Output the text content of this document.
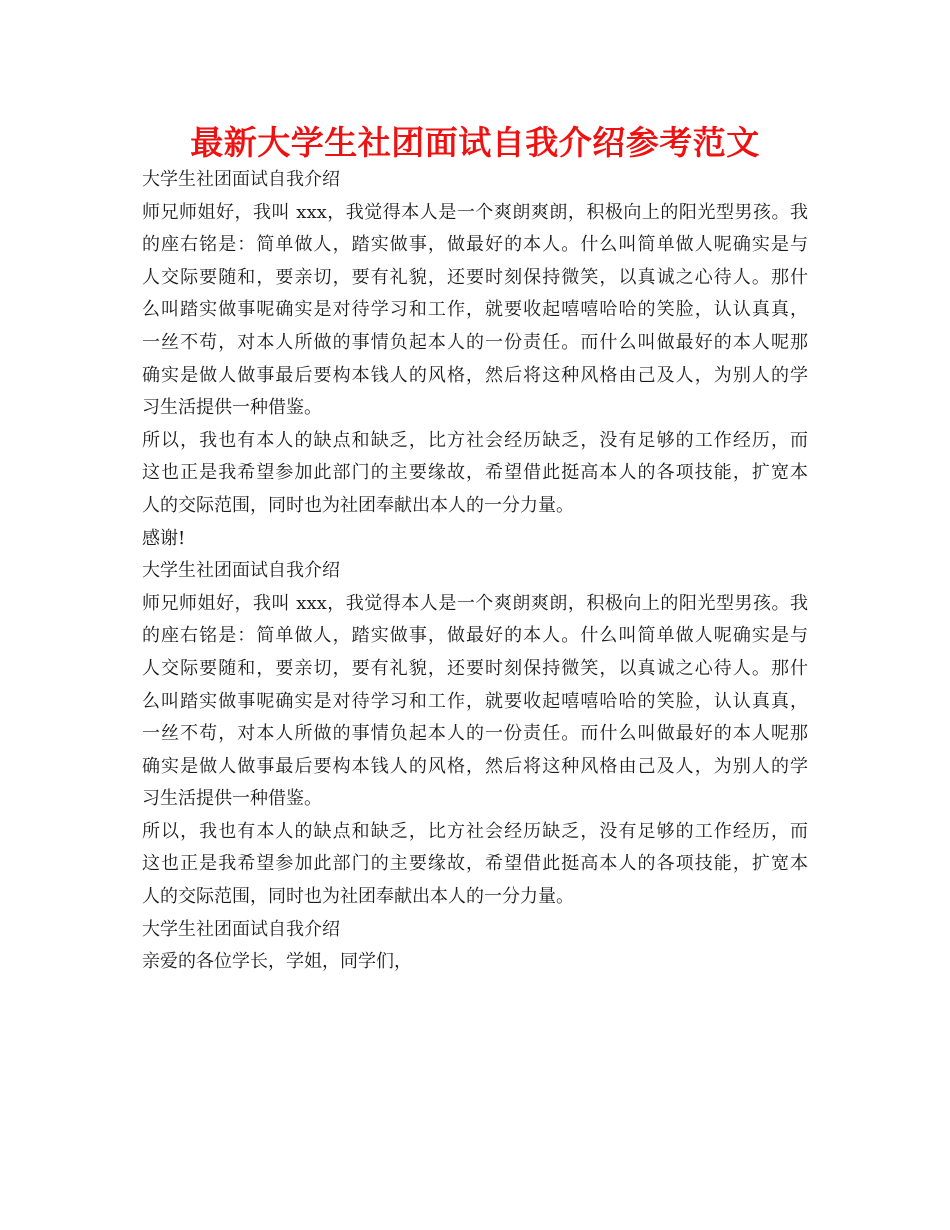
最新大学生社团面试自我介绍参考范文
大学生社团面试自我介绍
师兄师姐好，我叫 xxx，我觉得本人是一个爽朗爽朗，积极向上的阳光型男孩。我
的座右铭是：简单做人，踏实做事，做最好的本人。什么叫简单做人呢确实是与
人交际要随和，要亲切，要有礼貌，还要时刻保持微笑，以真诚之心待人。那什
么叫踏实做事呢确实是对待学习和工作，就要收起嘻嘻哈哈的笑脸，认认真真，
一丝不苟，对本人所做的事情负起本人的一份责任。而什么叫做最好的本人呢那
确实是做人做事最后要构本钱人的风格，然后将这种风格由己及人，为别人的学
习生活提供一种借鉴。
所以，我也有本人的缺点和缺乏，比方社会经历缺乏，没有足够的工作经历，而
这也正是我希望参加此部门的主要缘故，希望借此挺高本人的各项技能，扩宽本
人的交际范围，同时也为社团奉献出本人的一分力量。
感谢!
大学生社团面试自我介绍
师兄师姐好，我叫 xxx，我觉得本人是一个爽朗爽朗，积极向上的阳光型男孩。我
的座右铭是：简单做人，踏实做事，做最好的本人。什么叫简单做人呢确实是与
人交际要随和，要亲切，要有礼貌，还要时刻保持微笑，以真诚之心待人。那什
么叫踏实做事呢确实是对待学习和工作，就要收起嘻嘻哈哈的笑脸，认认真真，
一丝不苟，对本人所做的事情负起本人的一份责任。而什么叫做最好的本人呢那
确实是做人做事最后要构本钱人的风格，然后将这种风格由己及人，为别人的学
习生活提供一种借鉴。
所以，我也有本人的缺点和缺乏，比方社会经历缺乏，没有足够的工作经历，而
这也正是我希望参加此部门的主要缘故，希望借此挺高本人的各项技能，扩宽本
人的交际范围，同时也为社团奉献出本人的一分力量。
大学生社团面试自我介绍
亲爱的各位学长，学姐，同学们，
